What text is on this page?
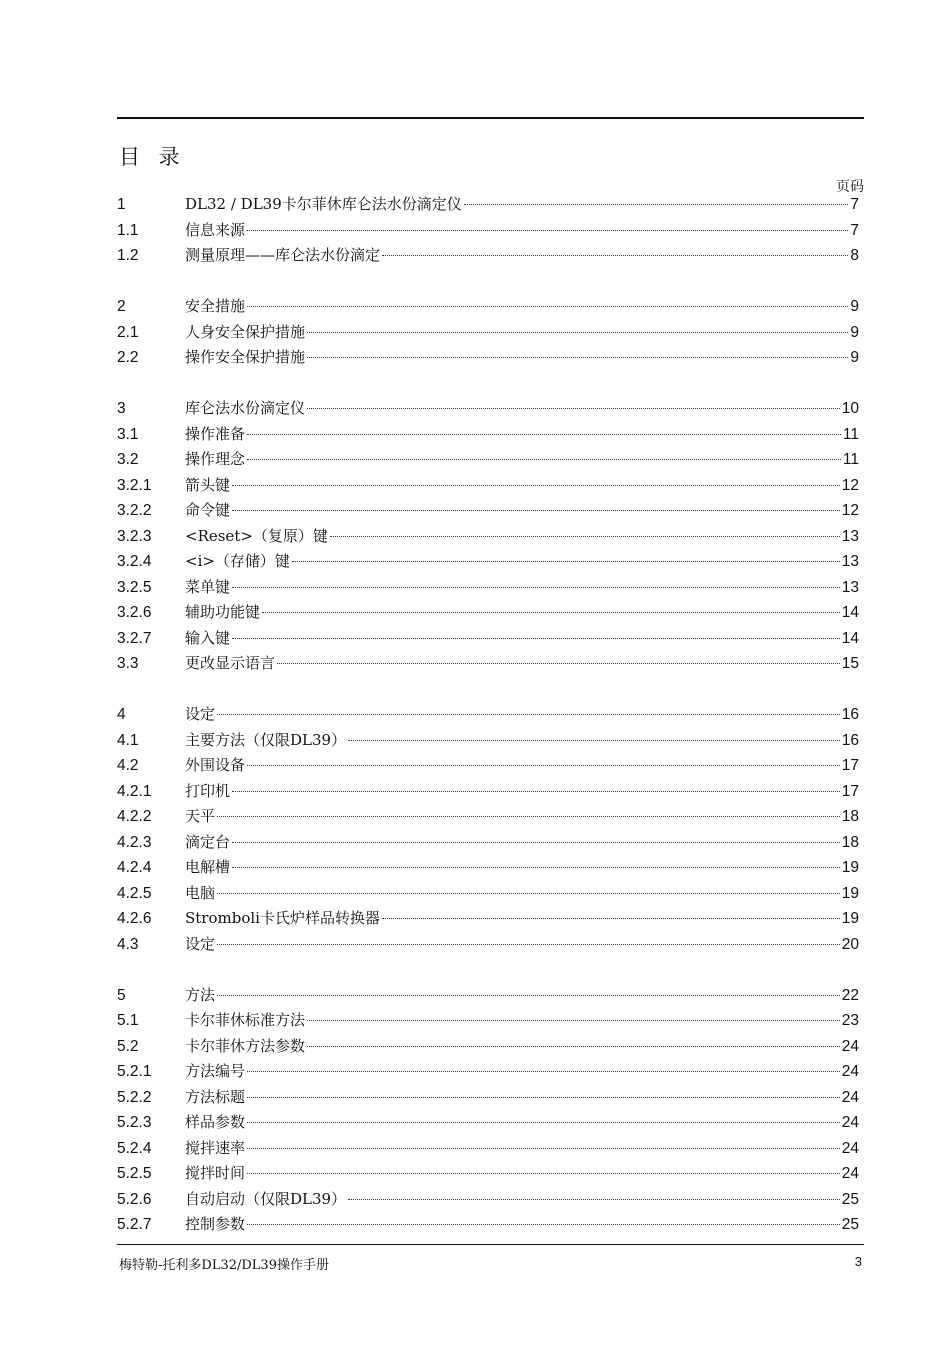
目 录
页码
1	DL32 / DL39卡尔菲休库仑法水份滴定仪	7
1.1	信息来源	7
1.2	测量原理——库仑法水份滴定	8
2	安全措施	9
2.1	人身安全保护措施	9
2.2	操作安全保护措施	9
3	库仑法水份滴定仪	10
3.1	操作准备	11
3.2	操作理念	11
3.2.1	箭头键	12
3.2.2	命令键	12
3.2.3	<Reset>（复原）键	13
3.2.4	<i>（存储）键	13
3.2.5	菜单键	13
3.2.6	辅助功能键	14
3.2.7	输入键	14
3.3	更改显示语言	15
4	设定	16
4.1	主要方法（仅限DL39）	16
4.2	外围设备	17
4.2.1	打印机	17
4.2.2	天平	18
4.2.3	滴定台	18
4.2.4	电解槽	19
4.2.5	电脑	19
4.2.6	Stromboli卡氏炉样品转换器	19
4.3	设定	20
5	方法	22
5.1	卡尔菲休标准方法	23
5.2	卡尔菲休方法参数	24
5.2.1	方法编号	24
5.2.2	方法标题	24
5.2.3	样品参数	24
5.2.4	搅拌速率	24
5.2.5	搅拌时间	24
5.2.6	自动启动（仅限DL39）	25
5.2.7	控制参数	25
梅特勒-托利多DL32/DL39操作手册	3
